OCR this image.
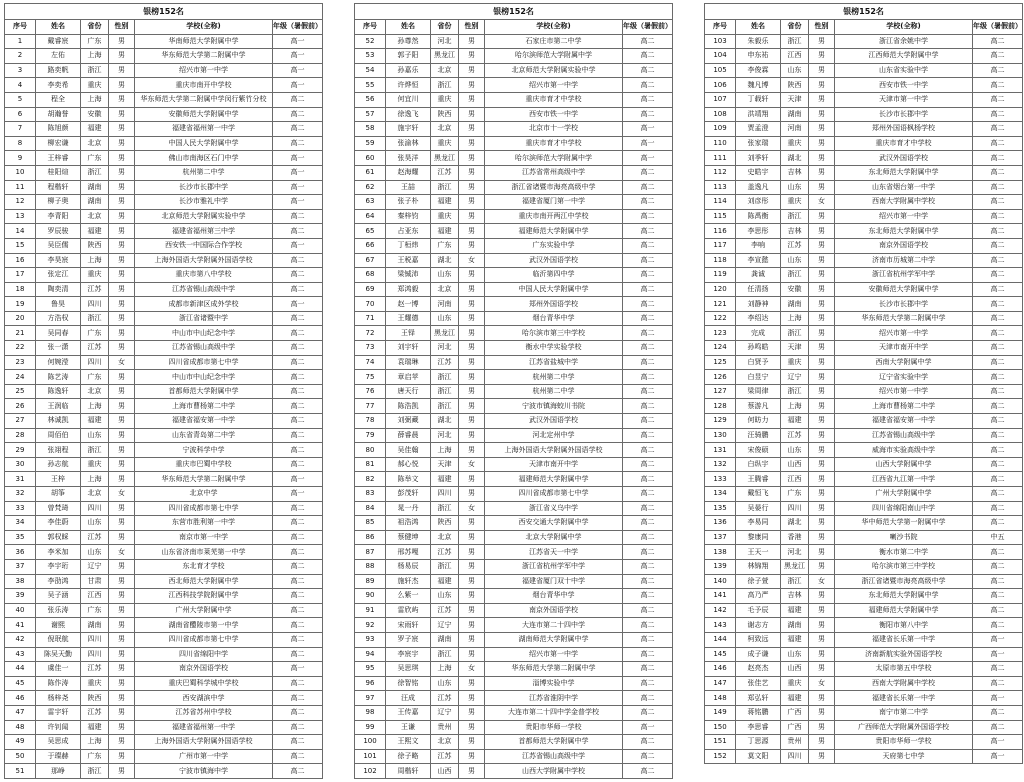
银榜152名					
序号	姓名	省份	性别	学校(全称)	年级（暑假前）
1	戴睿宸	广东	男	华南师范大学附属中学	高一
2	左佑	上海	男	华东师范大学第二附属中学	高一
3	路奕帆	浙江	男	绍兴市第一中学	高一
4	李奕希	重庆	男	重庆市南开中学校	高一
5	程全	上海	男	华东师范大学第二附属中学闵行紫竹分校	高二
6	胡瀚誉	安徽	男	安徽师范大学附属中学	高二
7	陈旭颜	福建	男	福建省福州第一中学	高二
8	柳宏谦	北京	男	中国人民大学附属中学	高二
9	王梓睿	广东	男	佛山市南海区石门中学	高一
10	桂阳煊	浙江	男	杭州第二中学	高一
11	程楷轩	湖南	男	长沙市长郡中学	高一
12	柳子奥	湖南	男	长沙市雅礼中学	高一
13	李青阳	北京	男	北京师范大学附属实验中学	高二
14	罗辰骏	福建	男	福建省福州第三中学	高二
15	吴臣儒	陕西	男	西安铁一中国际合作学校	高一
16	李昊宸	上海	男	上海外国语大学附属外国语学校	高二
17	张定江	重庆	男	重庆市第八中学校	高二
18	陶奕清	江苏	男	江苏省锡山高级中学	高二
19	鲁昊	四川	男	成都市新津区成外学校	高一
20	方浩权	浙江	男	浙江省诸暨中学	高二
21	吴同春	广东	男	中山市中山纪念中学	高二
22	张一潇	江苏	男	江苏省锡山高级中学	高二
23	何婉滢	四川	女	四川省成都市第七中学	高二
24	陈艺涛	广东	男	中山市中山纪念中学	高二
25	陈逸轩	北京	男	首都师范大学附属中学	高二
26	王润临	上海	男	上海市曹杨第二中学	高二
27	林诚凯	福建	男	福建省福安第一中学	高二
28	周佰伯	山东	男	山东省青岛第二中学	高二
29	张翊程	浙江	男	宁波科学中学	高二
30	孙志航	重庆	男	重庆市巴蜀中学校	高二
31	王梓	上海	男	华东师范大学第二附属中学	高一
32	胡筝	北京	女	北京中学	高一
33	曾梵琦	四川	男	四川省成都市第七中学	高二
34	李佳蔚	山东	男	东营市胜利第一中学	高二
35	郭权睬	江苏	男	南京市第一中学	高二
36	李米加	山东	女	山东省济南市莱芜第一中学	高二
37	李宇珩	辽宁	男	东北育才学校	高二
38	李劭鸿	甘肃	男	西北师范大学附属中学	高二
39	吴子涵	江西	男	江西科技学院附属中学	高二
40	张乐涛	广东	男	广州大学附属中学	高二
41	谢熙	湖南	男	湖南省醴陵市第一中学	高二
42	倪珉航	四川	男	四川省成都市第七中学	高二
43	陈吴天勤	四川	男	四川省绵阳中学	高二
44	虞佳一	江苏	男	南京外国语学校	高一
45	陈作涛	重庆	男	重庆巴蜀科学城中学校	高二
46	杨梓尧	陕西	男	西安湖滨中学	高二
47	雷宇轩	江苏	男	江苏省苏州中学校	高二
48	许钊闻	福建	男	福建省福州第一中学	高二
49	吴思成	上海	男	上海外国语大学附属外国语学校	高二
50	于璨赫	广东	男	广州市第一中学	高二
51	那峥	浙江	男	宁波市镇海中学	高二
银榜152名					
序号	姓名	省份	性别	学校(全称)	年级（暑假前）
52	孙尊然	河北	男	石家庄市第二中学	高二
53	郭子阳	黑龙江	男	哈尔滨师范大学附属中学	高二
54	孙嘉乐	北京	男	北京师范大学附属实验中学	高二
55	许烨恒	浙江	男	绍兴市第一中学	高二
56	何宜川	重庆	男	重庆市育才中学校	高二
57	徐逸飞	陕西	男	西安市铁一中学	高二
58	施宇轩	北京	男	北京市十一学校	高一
59	张渝林	重庆	男	重庆市育才中学校	高一
60	张昊洋	黑龙江	男	哈尔滨师范大学附属中学	高一
61	赵海耀	江苏	男	江苏省常州高级中学	高二
62	王喆	浙江	男	浙江省诸暨市海亮高级中学	高二
63	张子朴	福建	男	福建省厦门第一中学	高二
64	秦梓钧	重庆	男	重庆市南开两江中学校	高二
65	占亚东	福建	男	福建师范大学附属中学	高二
66	丁桓炜	广东	男	广东实验中学	高二
67	王税嘉	湖北	女	武汉外国语学校	高二
68	梁铖沛	山东	男	临沂第四中学	高二
69	郑鸿毅	北京	男	中国人民大学附属中学	高二
70	赵一博	河南	男	郑州外国语学校	高二
71	王耀德	山东	男	烟台青华中学	高二
72	王铎	黑龙江	男	哈尔滨市第三中学校	高二
73	刘宇轩	河北	男	衡水中学实验学校	高二
74	袁瑞琳	江苏	男	江苏省盐城中学	高二
75	章启苹	浙江	男	杭州第二中学	高二
76	唐天行	浙江	男	杭州第二中学	高二
77	陈浩凯	浙江	男	宁波市镇海蛟川书院	高二
78	刘弼藏	湖北	男	武汉外国语学校	高二
79	薛睿晨	河北	男	河北定州中学	高二
80	吴佳翰	上海	男	上海外国语大学附属外国语学校	高二
81	郝心悦	天津	女	天津市南开中学	高二
82	陈举文	福建	男	福建师范大学附属中学	高二
83	彭茂轩	四川	男	四川省成都市第七中学	高二
84	晁一丹	浙江	女	浙江省义乌中学	高二
85	祖浩鸿	陕西	男	西安交通大学附属中学	高二
86	蔡健坤	北京	男	北京大学附属中学	高二
87	邢苏嘎	江苏	男	江苏省天一中学	高二
88	杨易辰	浙江	男	浙江省杭州学军中学	高二
89	施轩杰	福建	男	福建省厦门双十中学	高二
90	么紫一	山东	男	烟台青华中学	高二
91	雷欣屿	江苏	男	南京外国语学校	高二
92	宋雨轩	辽宁	男	大连市第二十四中学	高二
93	罗子宸	湖南	男	湖南师范大学附属中学	高二
94	李宸宇	浙江	男	绍兴市第一中学	高二
95	吴思琪	上海	女	华东师范大学第二附属中学	高二
96	徐智铭	山东	男	淄博实验中学	高二
97	汪成	江苏	男	江苏省淮阴中学	高二
98	王传嘉	辽宁	男	大连市第二十四中学金普学校	高二
99	王谦	贵州	男	贵阳市华师一学校	高一
100	王熙文	北京	男	首都师范大学附属中学	高二
101	徐子略	江苏	男	江苏省锡山高级中学	高二
102	周楷轩	山西	男	山西大学附属中学校	高二
银榜152名					
序号	姓名	省份	性别	学校(全称)	年级（暑假前）
103	朱毅乐	浙江	男	浙江省余姚中学	高二
104	申东祐	江西	男	江西师范大学附属中学	高二
105	李俊霖	山东	男	山东省实验中学	高二
106	魏凡博	陕西	男	西安市铁一中学	高二
107	丁载轩	天津	男	天津市第一中学	高二
108	洪靖翔	湖南	男	长沙市长郡中学	高二
109	贾孟澄	河南	男	郑州外国语枫杨学校	高二
110	张家瑞	重庆	男	重庆市育才中学校	高二
111	刘季轩	湖北	男	武汉外国语学校	高二
112	史皓宇	吉林	男	东北师范大学附属中学	高二
113	盖逸凡	山东	男	山东省烟台第一中学	高二
114	刘彦彤	重庆	女	西南大学附属中学校	高二
115	陈禹衡	浙江	男	绍兴市第一中学	高二
116	李思彤	吉林	男	东北师范大学附属中学	高二
117	李响	江苏	男	南京外国语学校	高二
118	李宣懿	山东	男	济南市历城第二中学	高二
119	龚诚	浙江	男	浙江省杭州学军中学	高二
120	任清扬	安徽	男	安徽师范大学附属中学	高二
121	刘静神	湖南	男	长沙市长郡中学	高二
122	李绍达	上海	男	华东师范大学第二附属中学	高二
123	完成	浙江	男	绍兴市第一中学	高二
124	孙鸣皓	天津	男	天津市南开中学	高二
125	白贤予	重庆	男	西南大学附属中学	高二
126	白昱宁	辽宁	男	辽宁省实验中学	高二
127	梁周律	浙江	男	绍兴市第一中学	高二
128	蔡游凡	上海	男	上海市曹杨第二中学	高二
129	何昉力	福建	男	福建省福安第一中学	高二
130	汪骑鹏	江苏	男	江苏省锡山高级中学	高二
131	宋俊硕	山东	男	威海市实验高级中学	高二
132	白纵宇	山西	男	山西大学附属中学	高二
133	王腾睿	江西	男	江西省九江第一中学	高二
134	戴恒飞	广东	男	广州大学附属中学	高二
135	吴晏行	四川	男	四川省绵阳南山中学	高二
136	李易同	湖北	男	华中师范大学第一附属中学	高二
137	黎康同	香港	男	喇沙书院	中五
138	王天一	河北	男	衡水市第二中学	高二
139	林锦翔	黑龙江	男	哈尔滨市第三中学校	高二
140	徐子萱	浙江	女	浙江省诸暨市海亮高级中学	高二
141	高乃严	吉林	男	东北师范大学附属中学	高二
142	毛予辰	福建	男	福建师范大学附属中学	高二
143	谢志方	湖南	男	衡阳市第八中学	高二
144	柯致远	福建	男	福建省长乐第一中学	高一
145	成子谦	山东	男	济南新航实验外国语学校	高一
146	赵亮杰	山西	男	太原市第五中学校	高二
147	张佳艺	重庆	女	西南大学附属中学校	高二
148	郑弘轩	福建	男	福建省长乐第一中学	高一
149	蒋铭鹏	广西	男	南宁市第二中学	高二
150	李思睿	广西	男	广西师范大学附属外国语学校	高二
151	丁思源	贵州	男	贵阳市华师一学校	高一
152	莫文阳	四川	男	天府第七中学	高一
